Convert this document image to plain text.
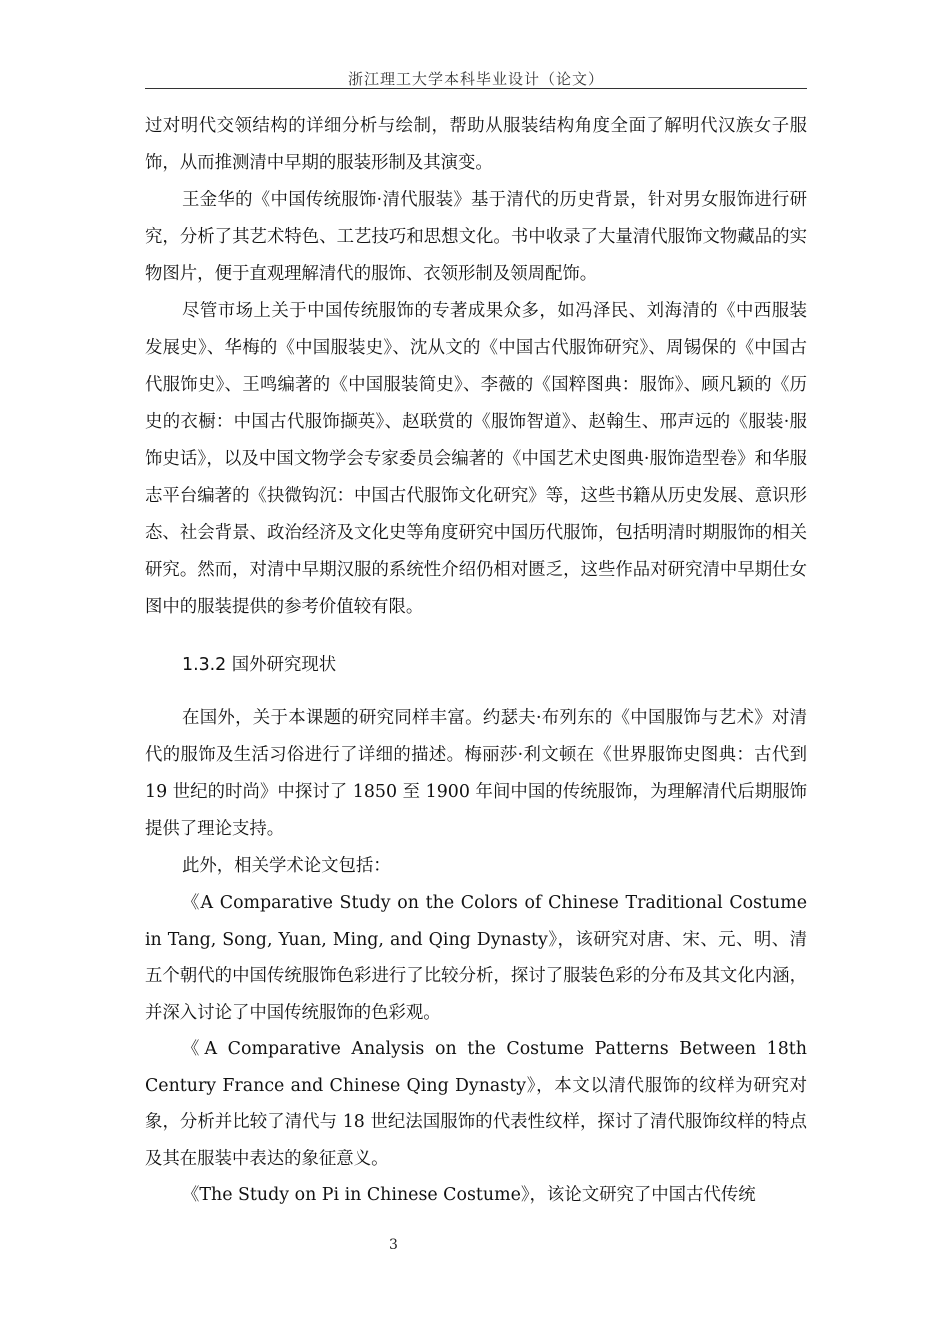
浙江理工大学本科毕业设计（论文）

过对明代交领结构的详细分析与绘制，帮助从服装结构角度全面了解明代汉族女子服饰，从而推测清中早期的服装形制及其演变。

王金华的《中国传统服饰·清代服装》基于清代的历史背景，针对男女服饰进行研究，分析了其艺术特色、工艺技巧和思想文化。书中收录了大量清代服饰文物藏品的实物图片，便于直观理解清代的服饰、衣领形制及领周配饰。

尽管市场上关于中国传统服饰的专著成果众多，如冯泽民、刘海清的《中西服装发展史》、华梅的《中国服装史》、沈从文的《中国古代服饰研究》、周锡保的《中国古代服饰史》、王鸣编著的《中国服装简史》、李薇的《国粹图典：服饰》、顾凡颖的《历史的衣橱：中国古代服饰撷英》、赵联赏的《服饰智道》、赵翰生、邢声远的《服装·服饰史话》，以及中国文物学会专家委员会编著的《中国艺术史图典·服饰造型卷》和华服志平台编著的《抉微钩沉：中国古代服饰文化研究》等，这些书籍从历史发展、意识形态、社会背景、政治经济及文化史等角度研究中国历代服饰，包括明清时期服饰的相关研究。然而，对清中早期汉服的系统性介绍仍相对匮乏，这些作品对研究清中早期仕女图中的服装提供的参考价值较有限。

1.3.2 国外研究现状

在国外，关于本课题的研究同样丰富。约瑟夫·布列东的《中国服饰与艺术》对清代的服饰及生活习俗进行了详细的描述。梅丽莎·利文顿在《世界服饰史图典：古代到 19 世纪的时尚》中探讨了 1850 至 1900 年间中国的传统服饰，为理解清代后期服饰提供了理论支持。

此外，相关学术论文包括：

《A Comparative Study on the Colors of Chinese Traditional Costume in Tang, Song, Yuan, Ming, and Qing Dynasty》，该研究对唐、宋、元、明、清五个朝代的中国传统服饰色彩进行了比较分析，探讨了服装色彩的分布及其文化内涵，并深入讨论了中国传统服饰的色彩观。

《A Comparative Analysis on the Costume Patterns Between 18th Century France and Chinese Qing Dynasty》，本文以清代服饰的纹样为研究对象，分析并比较了清代与 18 世纪法国服饰的代表性纹样，探讨了清代服饰纹样的特点及其在服装中表达的象征意义。

《The Study on Pi in Chinese Costume》，该论文研究了中国古代传统

3
